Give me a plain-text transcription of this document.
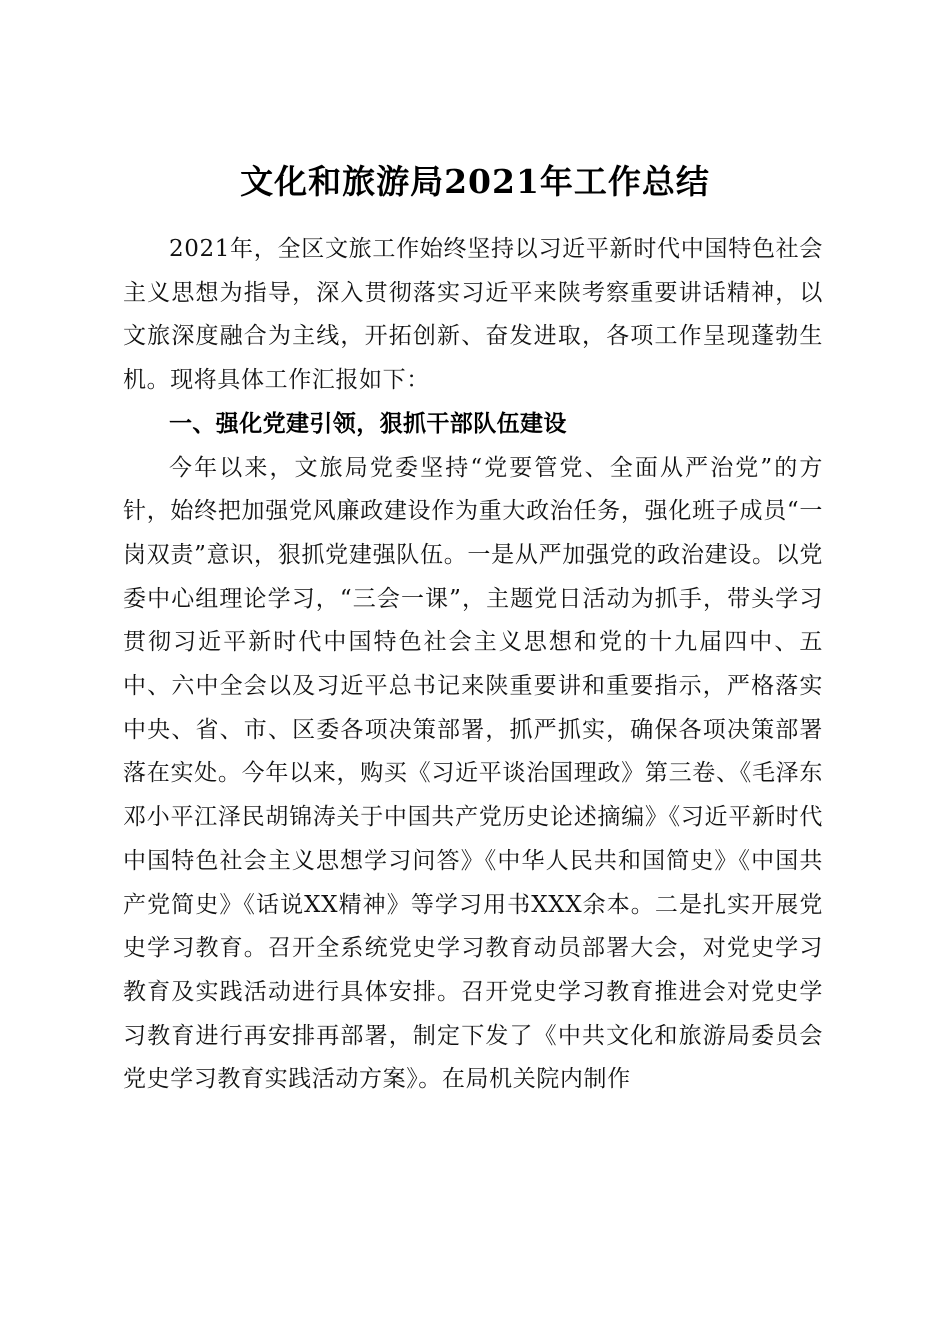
文化和旅游局2021年工作总结

2021年，全区文旅工作始终坚持以习近平新时代中国特色社会主义思想为指导，深入贯彻落实习近平来陕考察重要讲话精神，以文旅深度融合为主线，开拓创新、奋发进取，各项工作呈现蓬勃生机。现将具体工作汇报如下：

一、强化党建引领，狠抓干部队伍建设

今年以来，文旅局党委坚持“党要管党、全面从严治党”的方针，始终把加强党风廉政建设作为重大政治任务，强化班子成员“一岗双责”意识，狠抓党建强队伍。一是从严加强党的政治建设。以党委中心组理论学习，“三会一课”，主题党日活动为抓手，带头学习贯彻习近平新时代中国特色社会主义思想和党的十九届四中、五中、六中全会以及习近平总书记来陕重要讲和重要指示，严格落实中央、省、市、区委各项决策部署，抓严抓实，确保各项决策部署落在实处。今年以来，购买《习近平谈治国理政》第三卷、《毛泽东邓小平江泽民胡锦涛关于中国共产党历史论述摘编》《习近平新时代中国特色社会主义思想学习问答》《中华人民共和国简史》《中国共产党简史》《话说XX精神》等学习用书XXX余本。二是扎实开展党史学习教育。召开全系统党史学习教育动员部署大会，对党史学习教育及实践活动进行具体安排。召开党史学习教育推进会对党史学习教育进行再安排再部署，制定下发了《中共文化和旅游局委员会党史学习教育实践活动方案》。在局机关院内制作
